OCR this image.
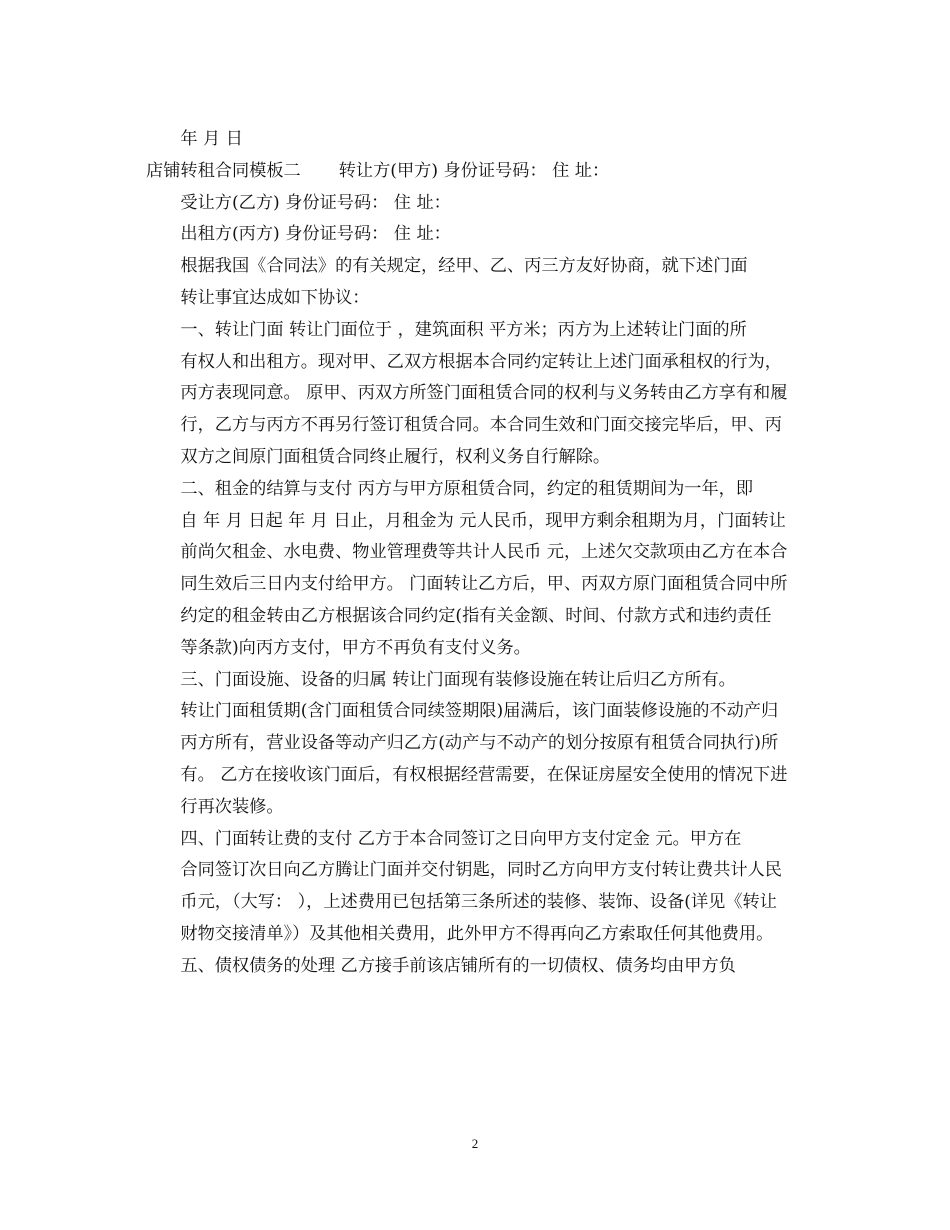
年 月 日

店铺转租合同模板二 转让方(甲方) 身份证号码： 住 址：

受让方(乙方) 身份证号码： 住 址：

出租方(丙方) 身份证号码： 住 址：

根据我国《合同法》的有关规定，经甲、乙、丙三方友好协商，就下述门面
转让事宜达成如下协议：

一、转让门面 转让门面位于 ，建筑面积 平方米；丙方为上述转让门面的所
有权人和出租方。现对甲、乙双方根据本合同约定转让上述门面承租权的行为，
丙方表现同意。 原甲、丙双方所签门面租赁合同的权利与义务转由乙方享有和履
行，乙方与丙方不再另行签订租赁合同。本合同生效和门面交接完毕后，甲、丙
双方之间原门面租赁合同终止履行，权利义务自行解除。

二、租金的结算与支付 丙方与甲方原租赁合同，约定的租赁期间为一年，即
自 年 月 日起 年 月 日止，月租金为 元人民币，现甲方剩余租期为月，门面转让
前尚欠租金、水电费、物业管理费等共计人民币 元，上述欠交款项由乙方在本合
同生效后三日内支付给甲方。 门面转让乙方后，甲、丙双方原门面租赁合同中所
约定的租金转由乙方根据该合同约定(指有关金额、时间、付款方式和违约责任
等条款)向丙方支付，甲方不再负有支付义务。

三、门面设施、设备的归属 转让门面现有装修设施在转让后归乙方所有。
转让门面租赁期(含门面租赁合同续签期限)届满后，该门面装修设施的不动产归
丙方所有，营业设备等动产归乙方(动产与不动产的划分按原有租赁合同执行)所
有。 乙方在接收该门面后，有权根据经营需要，在保证房屋安全使用的情况下进
行再次装修。

四、门面转让费的支付 乙方于本合同签订之日向甲方支付定金 元。甲方在
合同签订次日向乙方腾让门面并交付钥匙，同时乙方向甲方支付转让费共计人民
币元，（大写： ），上述费用已包括第三条所述的装修、装饰、设备(详见《转让
财物交接清单》）及其他相关费用，此外甲方不得再向乙方索取任何其他费用。

五、债权债务的处理 乙方接手前该店铺所有的一切债权、债务均由甲方负

2
